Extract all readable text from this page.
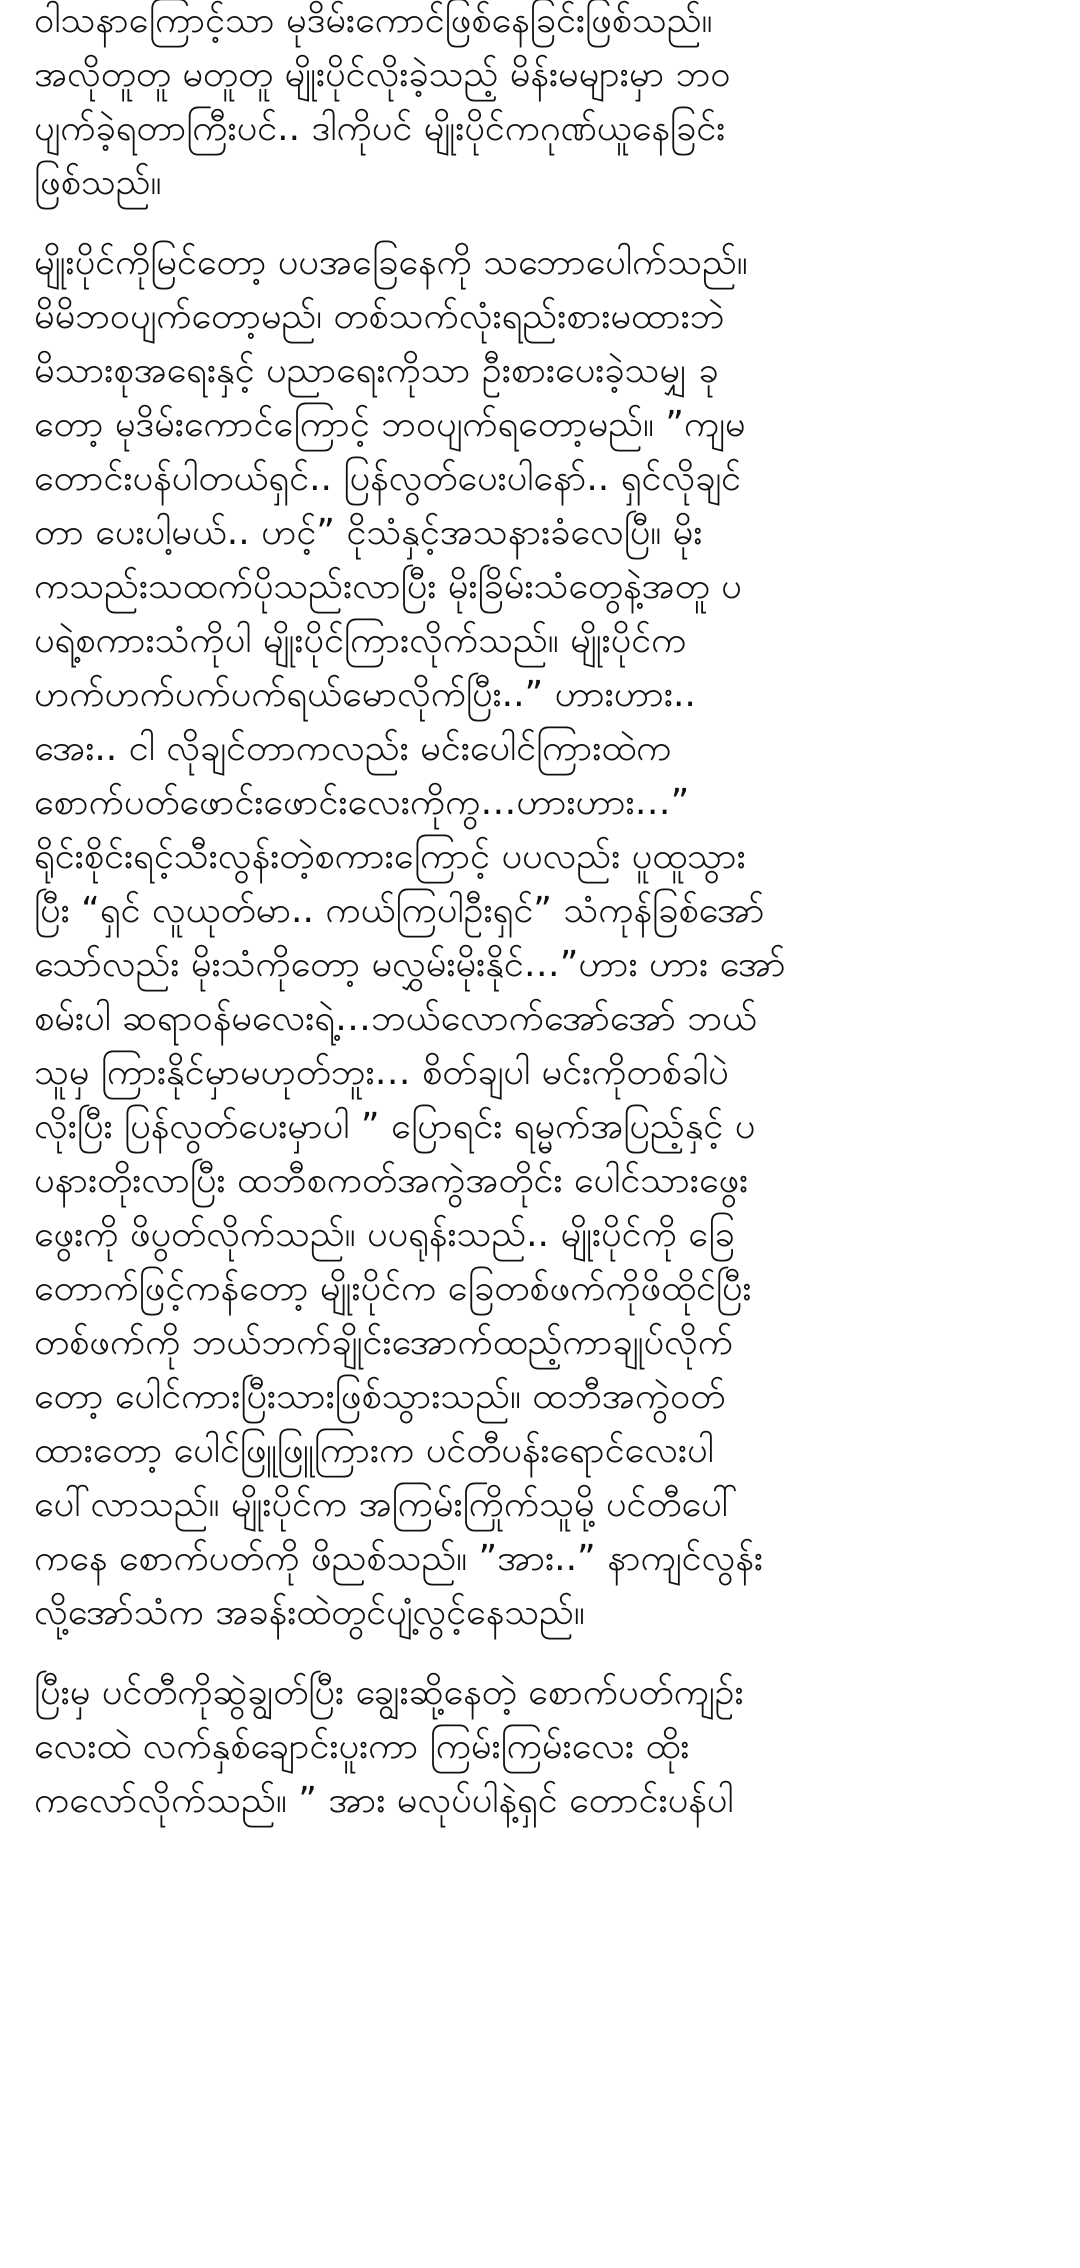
ဝါသနာကြောင့်သာ မုဒိမ်းကောင်ဖြစ်နေခြင်းဖြစ်သည်။
အလိုတူတူ မတူတူ မျိုးပိုင်လိုးခဲ့သည့် မိန်းမများမှာ ဘဝ
ပျက်ခဲ့ရတာကြီးပင်.. ဒါကိုပင် မျိုးပိုင်ကဂုဏ်ယူနေခြင်း
ဖြစ်သည်။

မျိုးပိုင်ကိုမြင်တော့ ပပအခြေနေကို သဘောပေါက်သည်။
မိမိဘဝပျက်တော့မည်၊ တစ်သက်လုံးရည်းစားမထားဘဲ
မိသားစုအရေးနှင့် ပညာရေးကိုသာ ဦးစားပေးခဲ့သမျှ ခု
တော့ မုဒိမ်းကောင်ကြောင့် ဘဝပျက်ရတော့မည်။ ”ကျမ
တောင်းပန်ပါတယ်ရှင်.. ပြန်လွတ်ပေးပါနော်.. ရှင်လိုချင်
တာ ပေးပါ့မယ်.. ဟင့်” ငိုသံနှင့်အသနားခံလေပြီ။ မိုး
ကသည်းသထက်ပိုသည်းလာပြီး မိုးခြိမ်းသံတွေနဲ့အတူ ပ
ပရဲ့စကားသံကိုပါ မျိုးပိုင်ကြားလိုက်သည်။ မျိုးပိုင်က
ဟက်ဟက်ပက်ပက်ရယ်မောလိုက်ပြီး..” ဟားဟား..
အေး.. ငါ လိုချင်တာကလည်း မင်းပေါင်ကြားထဲက
စောက်ပတ်ဖောင်းဖောင်းလေးကိုကွ…ဟားဟား…”
ရိုင်းစိုင်းရင့်သီးလွန်းတဲ့စကားကြောင့် ပပလည်း ပူထူသွား
ပြီး “ရှင် လူယုတ်မာ.. ကယ်ကြပါဦးရှင်” သံကုန်ခြစ်အော်
သော်လည်း မိုးသံကိုတော့ မလွှမ်းမိုးနိုင်…”ဟား ဟား အော်
စမ်းပါ ဆရာဝန်မလေးရဲ့…ဘယ်လောက်အော်အော် ဘယ်
သူမှ ကြားနိုင်မှာမဟုတ်ဘူး… စိတ်ချပါ မင်းကိုတစ်ခါပဲ
လိုးပြီး ပြန်လွတ်ပေးမှာပါ ” ပြောရင်း ရမ္မက်အပြည့်နှင့် ပ
ပနားတိုးလာပြီး ထဘီစကတ်အကွဲအတိုင်း ပေါင်သားဖွေး
ဖွေးကို ဖိပွတ်လိုက်သည်။ ပပရုန်းသည်.. မျိုးပိုင်ကို ခြေ
တောက်ဖြင့်ကန်တော့ မျိုးပိုင်က ခြေတစ်ဖက်ကိုဖိထိုင်ပြီး
တစ်ဖက်ကို ဘယ်ဘက်ချိုင်းအောက်ထည့်ကာချုပ်လိုက်
တော့ ပေါင်ကားပြီးသားဖြစ်သွားသည်။ ထဘီအကွဲဝတ်
ထားတော့ ပေါင်ဖြူဖြူကြားက ပင်တီပန်းရောင်လေးပါ
ပေါ်လာသည်။ မျိုးပိုင်က အကြမ်းကြိုက်သူမို့ ပင်တီပေါ်
ကနေ စောက်ပတ်ကို ဖိညစ်သည်။ ”အား..” နာကျင်လွန်း
လို့အော်သံက အခန်းထဲတွင်ပျံ့လွင့်နေသည်။

ပြီးမှ ပင်တီကိုဆွဲချွတ်ပြီး ချွေးဆို့နေတဲ့ စောက်ပတ်ကျဉ်း
လေးထဲ လက်နှစ်ချောင်းပူးကာ ကြမ်းကြမ်းလေး ထိုး
ကလော်လိုက်သည်။ ” အား မလုပ်ပါနဲ့ရှင် တောင်းပန်ပါ
